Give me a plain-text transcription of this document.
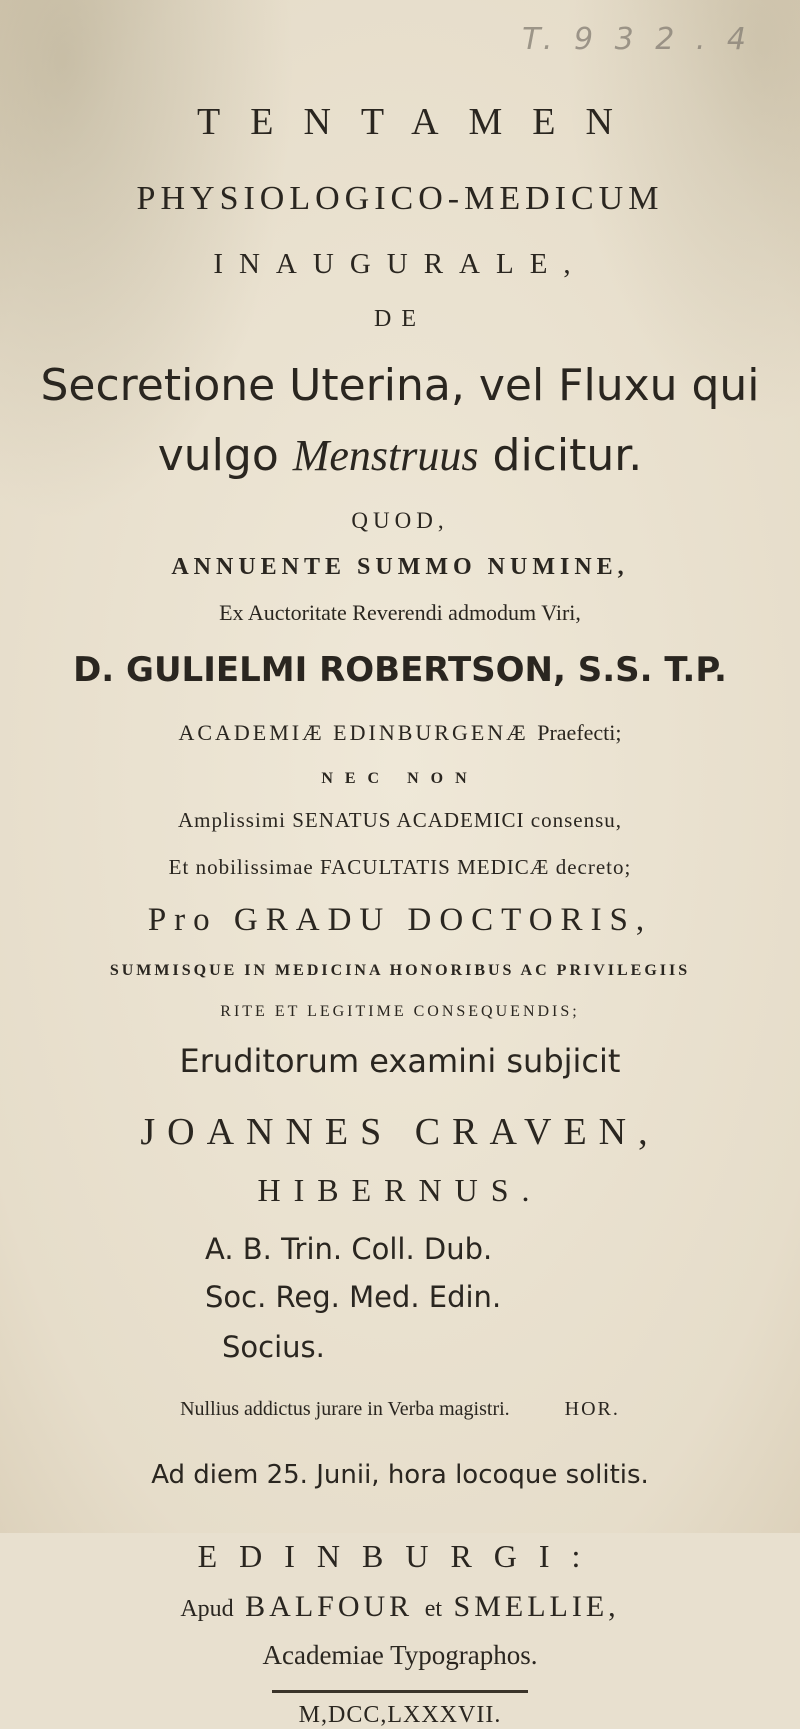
T. 9 3 2 . 4
TENTAMEN
PHYSIOLOGICO-MEDICUM
INAUGURALE,
DE
Secretione Uterina, vel Fluxu qui
vulgo Menstruus dicitur.
QUOD,
ANNUENTE SUMMO NUMINE,
Ex Auctoritate Reverendi admodum Viri,
D. GULIELMI ROBERTSON, S.S. T.P.
ACADEMIÆ EDINBURGENÆ Praefecti;
NEC NON
Amplissimi SENATUS ACADEMICI consensu,
Et nobilissimae FACULTATIS MEDICÆ decreto;
Pro GRADU DOCTORIS,
SUMMISQUE IN MEDICINA HONORIBUS AC PRIVILEGIIS
RITE ET LEGITIME CONSEQUENDIS;
Eruditorum examini subjicit
JOANNES CRAVEN,
HIBERNUS.
A. B. Trin. Coll. Dub.
Soc. Reg. Med. Edin.
Socius.
Nullius addictus jurare in Verba magistri.	HOR.
Ad diem 25. Junii, hora locoque solitis.
EDINBURGI:
Apud BALFOUR et SMELLIE,
Academiae Typographos.
M,DCC,LXXXVII.
